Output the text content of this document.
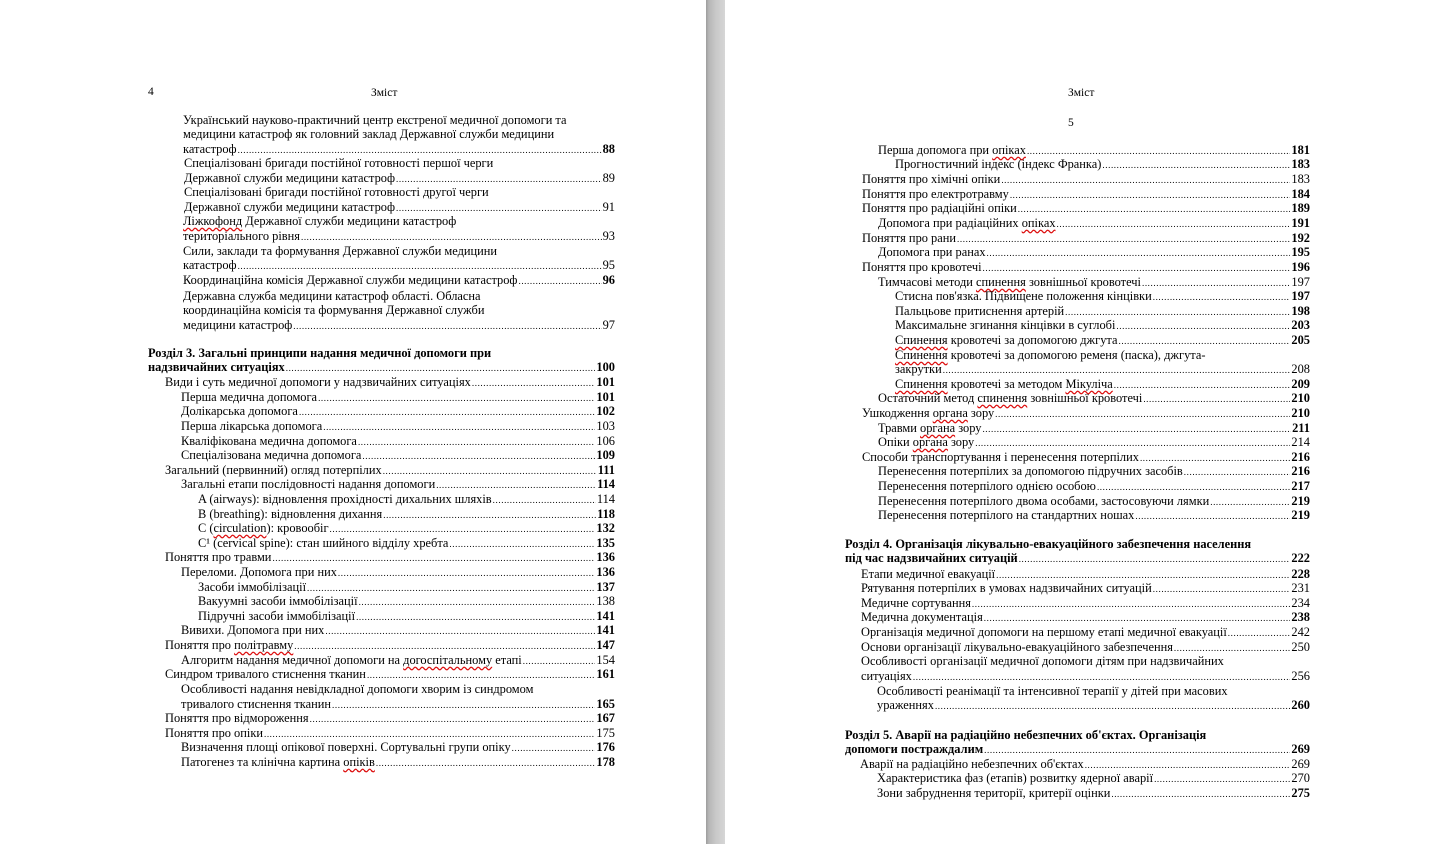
4	Зміст
Український науково-практичний центр екстреної медичної допомоги та
медицини катастроф як головний заклад Державної служби медицини
катастроф .....	88
Спеціалізовані бригади постійної готовності першої черги
Державної служби медицини катастроф .....	89
Спеціалізовані бригади постійної готовності другої черги
Державної служби медицини катастроф .....	91
Ліжкофонд Державної служби медицини катастроф
територіального рівня .....	93
Сили, заклади та формування Державної служби медицини
катастроф .....	95
Координаційна комісія Державної служби медицини катастроф .....	96
Державна служба медицини катастроф області. Обласна
координаційна комісія та формування Державної служби
медицини катастроф .....	97
Розділ 3. Загальні принципи надання медичної допомоги при
надзвичайних ситуаціях .....	100
Види і суть медичної допомоги у надзвичайних ситуаціях .....	101
Перша медична допомога .....	101
Долікарська допомога .....	102
Перша лікарська допомога .....	103
Кваліфікована медична допомога .....	106
Спеціалізована медична допомога .....	109
Загальний (первинний) огляд потерпілих .....	111
Загальні етапи послідовності надання допомоги .....	114
A (airways): відновлення прохідності дихальних шляхів .....	114
B (breathing): відновлення дихання .....	118
C (circulation): кровообіг .....	132
C¹ (cervical spine): стан шийного відділу хребта .....	135
Поняття про травми .....	136
Переломи. Допомога при них .....	136
Засоби іммобілізації .....	137
Вакуумні засоби іммобілізації .....	138
Підручні засоби іммобілізації .....	141
Вивихи. Допомога при них .....	141
Поняття про політравму .....	147
Алгоритм надання медичної допомоги на догоспітальному етапі .....	154
Синдром тривалого стиснення тканин .....	161
Особливості надання невідкладної допомоги хворим із синдромом
тривалого стиснення тканин .....	165
Поняття про відмороження .....	167
Поняття про опіки .....	175
Визначення площі опікової поверхні. Сортувальні групи опіку .....	176
Патогенез та клінічна картина опіків .....	178
Зміст
5
Перша допомога при опіках .....	181
Прогностичний індекс (індекс Франка) .....	183
Поняття про хімічні опіки .....	183
Поняття про електротравму .....	184
Поняття про радіаційні опіки .....	189
Допомога при радіаційних опіках .....	191
Поняття про рани .....	192
Допомога при ранах .....	195
Поняття про кровотечі .....	196
Тимчасові методи спинення зовнішньої кровотечі .....	197
Стисна пов'язка. Підвищене положення кінцівки .....	197
Пальцьове притиснення артерій .....	198
Максимальне згинання кінцівки в суглобі .....	203
Спинення кровотечі за допомогою джгута .....	205
Спинення кровотечі за допомогою ременя (паска), джгута-
закрутки .....	208
Спинення кровотечі за методом Мікуліча .....	209
Остаточний метод спинення зовнішньої кровотечі .....	210
Ушкодження органа зору .....	210
Травми органа зору .....	211
Опіки органа зору .....	214
Способи транспортування і перенесення потерпілих .....	216
Перенесення потерпілих за допомогою підручних засобів .....	216
Перенесення потерпілого однією особою .....	217
Перенесення потерпілого двома особами, застосовуючи лямки .....	219
Перенесення потерпілого на стандартних ношах .....	219
Розділ 4. Організація лікувально-евакуаційного забезпечення населення
під час надзвичайних ситуацій .....	222
Етапи медичної евакуації .....	228
Рятування потерпілих в умовах надзвичайних ситуацій .....	231
Медичне сортування .....	234
Медична документація .....	238
Організація медичної допомоги на першому етапі медичної евакуації .....	242
Основи організації лікувально-евакуаційного забезпечення .....	250
Особливості організації медичної допомоги дітям при надзвичайних
ситуаціях .....	256
Особливості реанімації та інтенсивної терапії у дітей при масових
ураженнях .....	260
Розділ 5. Аварії на радіаційно небезпечних об'єктах. Організація
допомоги постраждалим .....	269
Аварії на радіаційно небезпечних об'єктах .....	269
Характеристика фаз (етапів) розвитку ядерної аварії .....	270
Зони забруднення території, критерії оцінки .....	275
